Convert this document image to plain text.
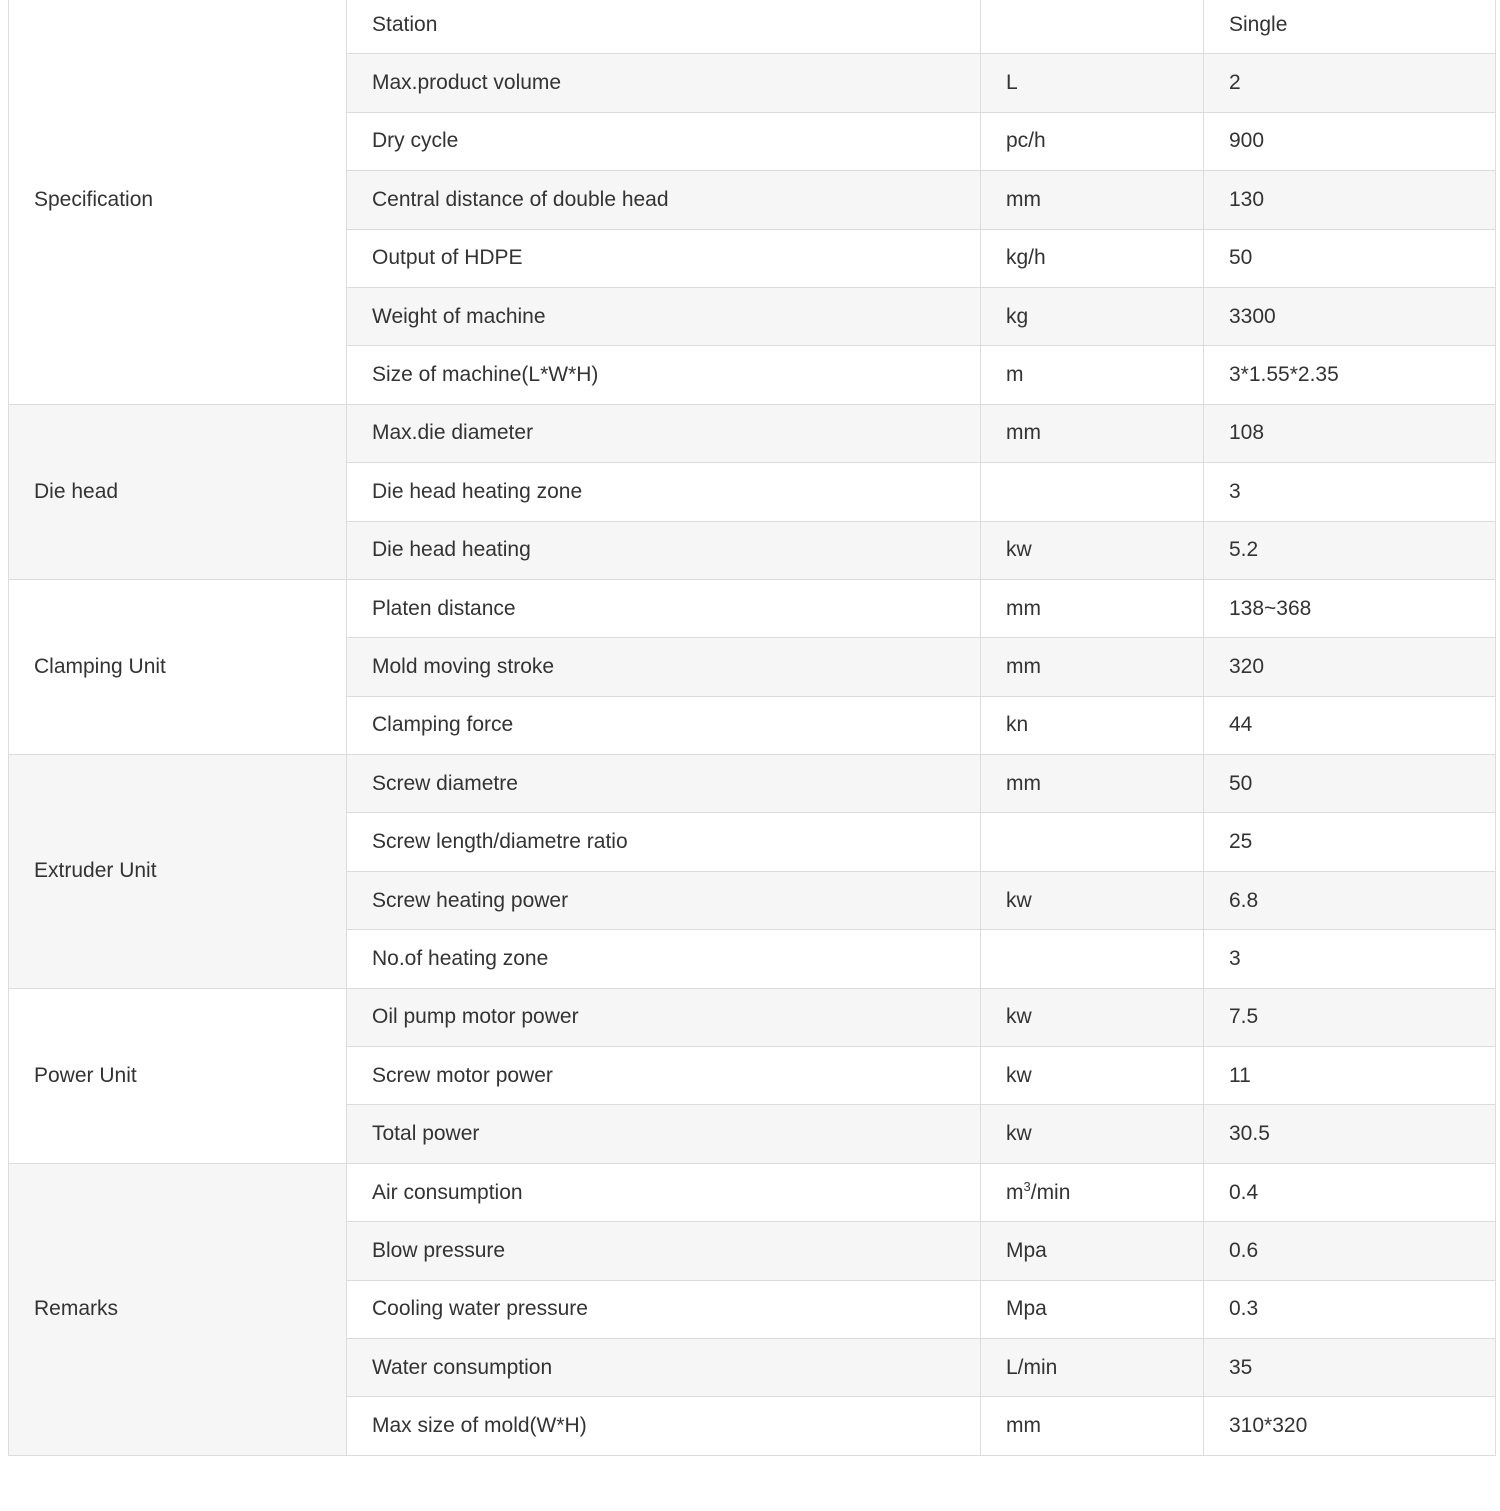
Specification	Station		Single
	Max.product volume	L	2
	Dry cycle	pc/h	900
	Central distance of double head	mm	130
	Output of HDPE	kg/h	50
	Weight of machine	kg	3300
	Size of machine(L*W*H)	m	3*1.55*2.35
Die head	Max.die diameter	mm	108
	Die head heating zone		3
	Die head heating	kw	5.2
Clamping Unit	Platen distance	mm	138~368
	Mold moving stroke	mm	320
	Clamping force	kn	44
Extruder Unit	Screw diametre	mm	50
	Screw length/diametre ratio		25
	Screw heating power	kw	6.8
	No.of heating zone		3
Power Unit	Oil pump motor power	kw	7.5
	Screw motor power	kw	11
	Total power	kw	30.5
Remarks	Air consumption	$m^3/\min$	0.4
	Blow pressure	Mpa	0.6
	Cooling water pressure	Mpa	0.3
	Water consumption	L/min	35
	Max size of mold(W*H)	mm	310*320
